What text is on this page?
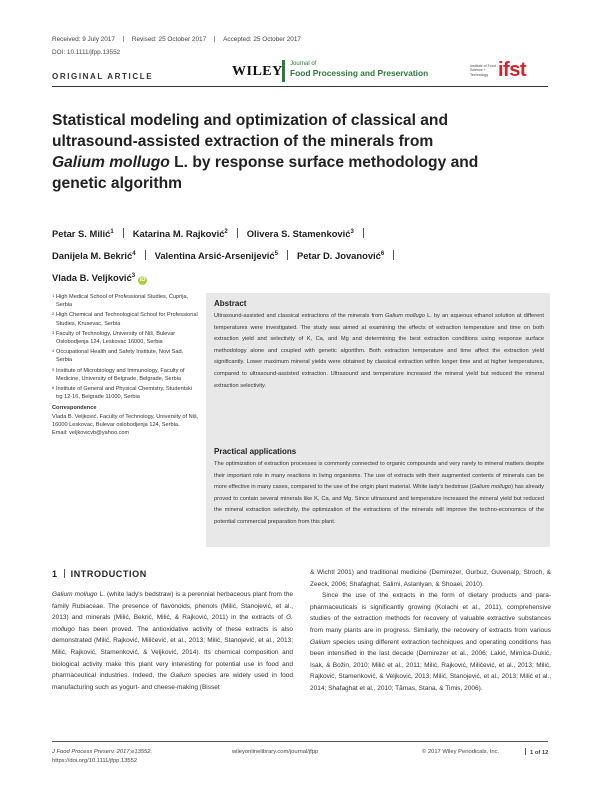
Received: 9 July 2017	Revised: 25 October 2017	Accepted: 25 October 2017
DOI: 10.1111/jfpp.13552
ORIGINAL ARTICLE	WILEY Journal of
Food Processing and Preservation
Institute of Food Science + Technology ifst
Statistical modeling and optimization of classical and
ultrasound-assisted extraction of the minerals from
Galium mollugo L. by response surface methodology and
genetic algorithm
Petar S. Milić$^1$ Katarina M. Rajković$^2$ Olivera S. Stamenković$^3$
Danijela M. Bekrić$^4$ Valentina Arsić-Arsenijević$^5$ Petar D. Jovanović$^6$
Vlada B. Veljković$^3$iD
1 High Medical School of Professional Studies, Ćuprija, Serbia
2 High Chemical and Technological School for Professional Studies, Krusevac, Serbia
3 Faculty of Technology, University of Niš, Bulevar Oslobodjenja 124, Leskovac 16000, Serbia
4 Occupational Health and Safety Institute, Novi Sad, Serbia
5 Institute of Microbiology and Immunology, Faculty of Medicine, University of Belgrade, Belgrade, Serbia
6 Institute of General and Physical Chemistry, Studentski trg 12-16, Belgrade 11000, Serbia
Correspondence
Vlada B. Veljković, Faculty of Technology, University of Niš, 16000 Leskovac, Bulevar oslobodjenja 124, Serbia.
Email: veljkovicvb@yahoo.com
Abstract
Ultrasound-assisted and classical extractions of the minerals from Galium mollugo L. by an aqueous ethanol solution at different temperatures were investigated. The study was aimed at examining the effects of extraction temperature and time on both extraction yield and selectivity of K, Ca, and Mg and determining the best extraction conditions using response surface methodology alone and coupled with genetic algorithm. Both extraction temperature and time affect the extraction yield significantly. Lower maximum mineral yields were obtained by classical extraction within longer time and at higher temperatures, compared to ultrasound-assisted extraction. Ultrasound and temperature increased the mineral yield but reduced the mineral extraction selectivity.
Practical applications
The optimization of extraction processes is commonly connected to organic compounds and very rarely to mineral matters despite their important role in many reactions in living organisms. The use of extracts with their augmented contents of minerals can be more effective in many cases, compared to the use of the origin plant material. White lady's bedstraw (Galium mollugo) has already proved to contain several minerals like K, Ca, and Mg. Since ultrasound and temperature increased the mineral yield but reduced the mineral extraction selectivity, the optimization of the extractions of the minerals will improve the techno-economics of the potential commercial preparation from this plant.
1 INTRODUCTION
Galium mollugo L. (white lady's bedstraw) is a perennial herbaceous plant from the family Rubiaceae. The presence of flavonoids, phenols (Milić, Stanojević, et al., 2013) and minerals (Milić, Bekrić, Milić, & Rajković, 2011) in the extracts of G. mollugo has been proved. The antioxidative activity of these extracts is also demonstrated (Milić, Rajković, Miličević, et al., 2013; Milić, Stanojević, et al., 2013; Milić, Rajković, Stamenković, & Veljković, 2014). Its chemical composition and biological activity make this plant very interesting for potential use in food and pharmaceutical industries. Indeed, the Galium species are widely used in food manufacturing such as yogurt- and cheese-making (Bisset
& Wichtl 2001) and traditional medicine (Demirezer, Gurbuz, Guvenalp, Stroch, & Zeeck, 2006; Shafaghat, Salimi, Aslanlyan, & Shoaei, 2010).
Since the use of the extracts in the form of dietary products and para-pharmaceuticals is significantly growing (Kolachi et al., 2011), comprehensive studies of the extraction methods for recovery of valuable extractive substances from many plants are in progress. Similarly, the recovery of extracts from various Galium species using different extraction techniques and operating conditions has been intensified in the last decade (Demirezer et al., 2006; Lakić, Mimica-Dukić, Isak, & Božin, 2010; Milić et al., 2011; Milić, Rajković, Miličević, et al., 2013; Milić, Rajković, Stamenković, & Veljković, 2013; Milić, Stanojević, et al., 2013; Milić et al., 2014; Shafaghat et al., 2010; Tămas, Stana, & Timis, 2006).
J Food Process Preserv. 2017;e13552.
https://doi.org/10.1111/jfpp.13552
wileyonlinelibrary.com/journal/jfpp	© 2017 Wiley Periodicals, Inc.	1 of 12
